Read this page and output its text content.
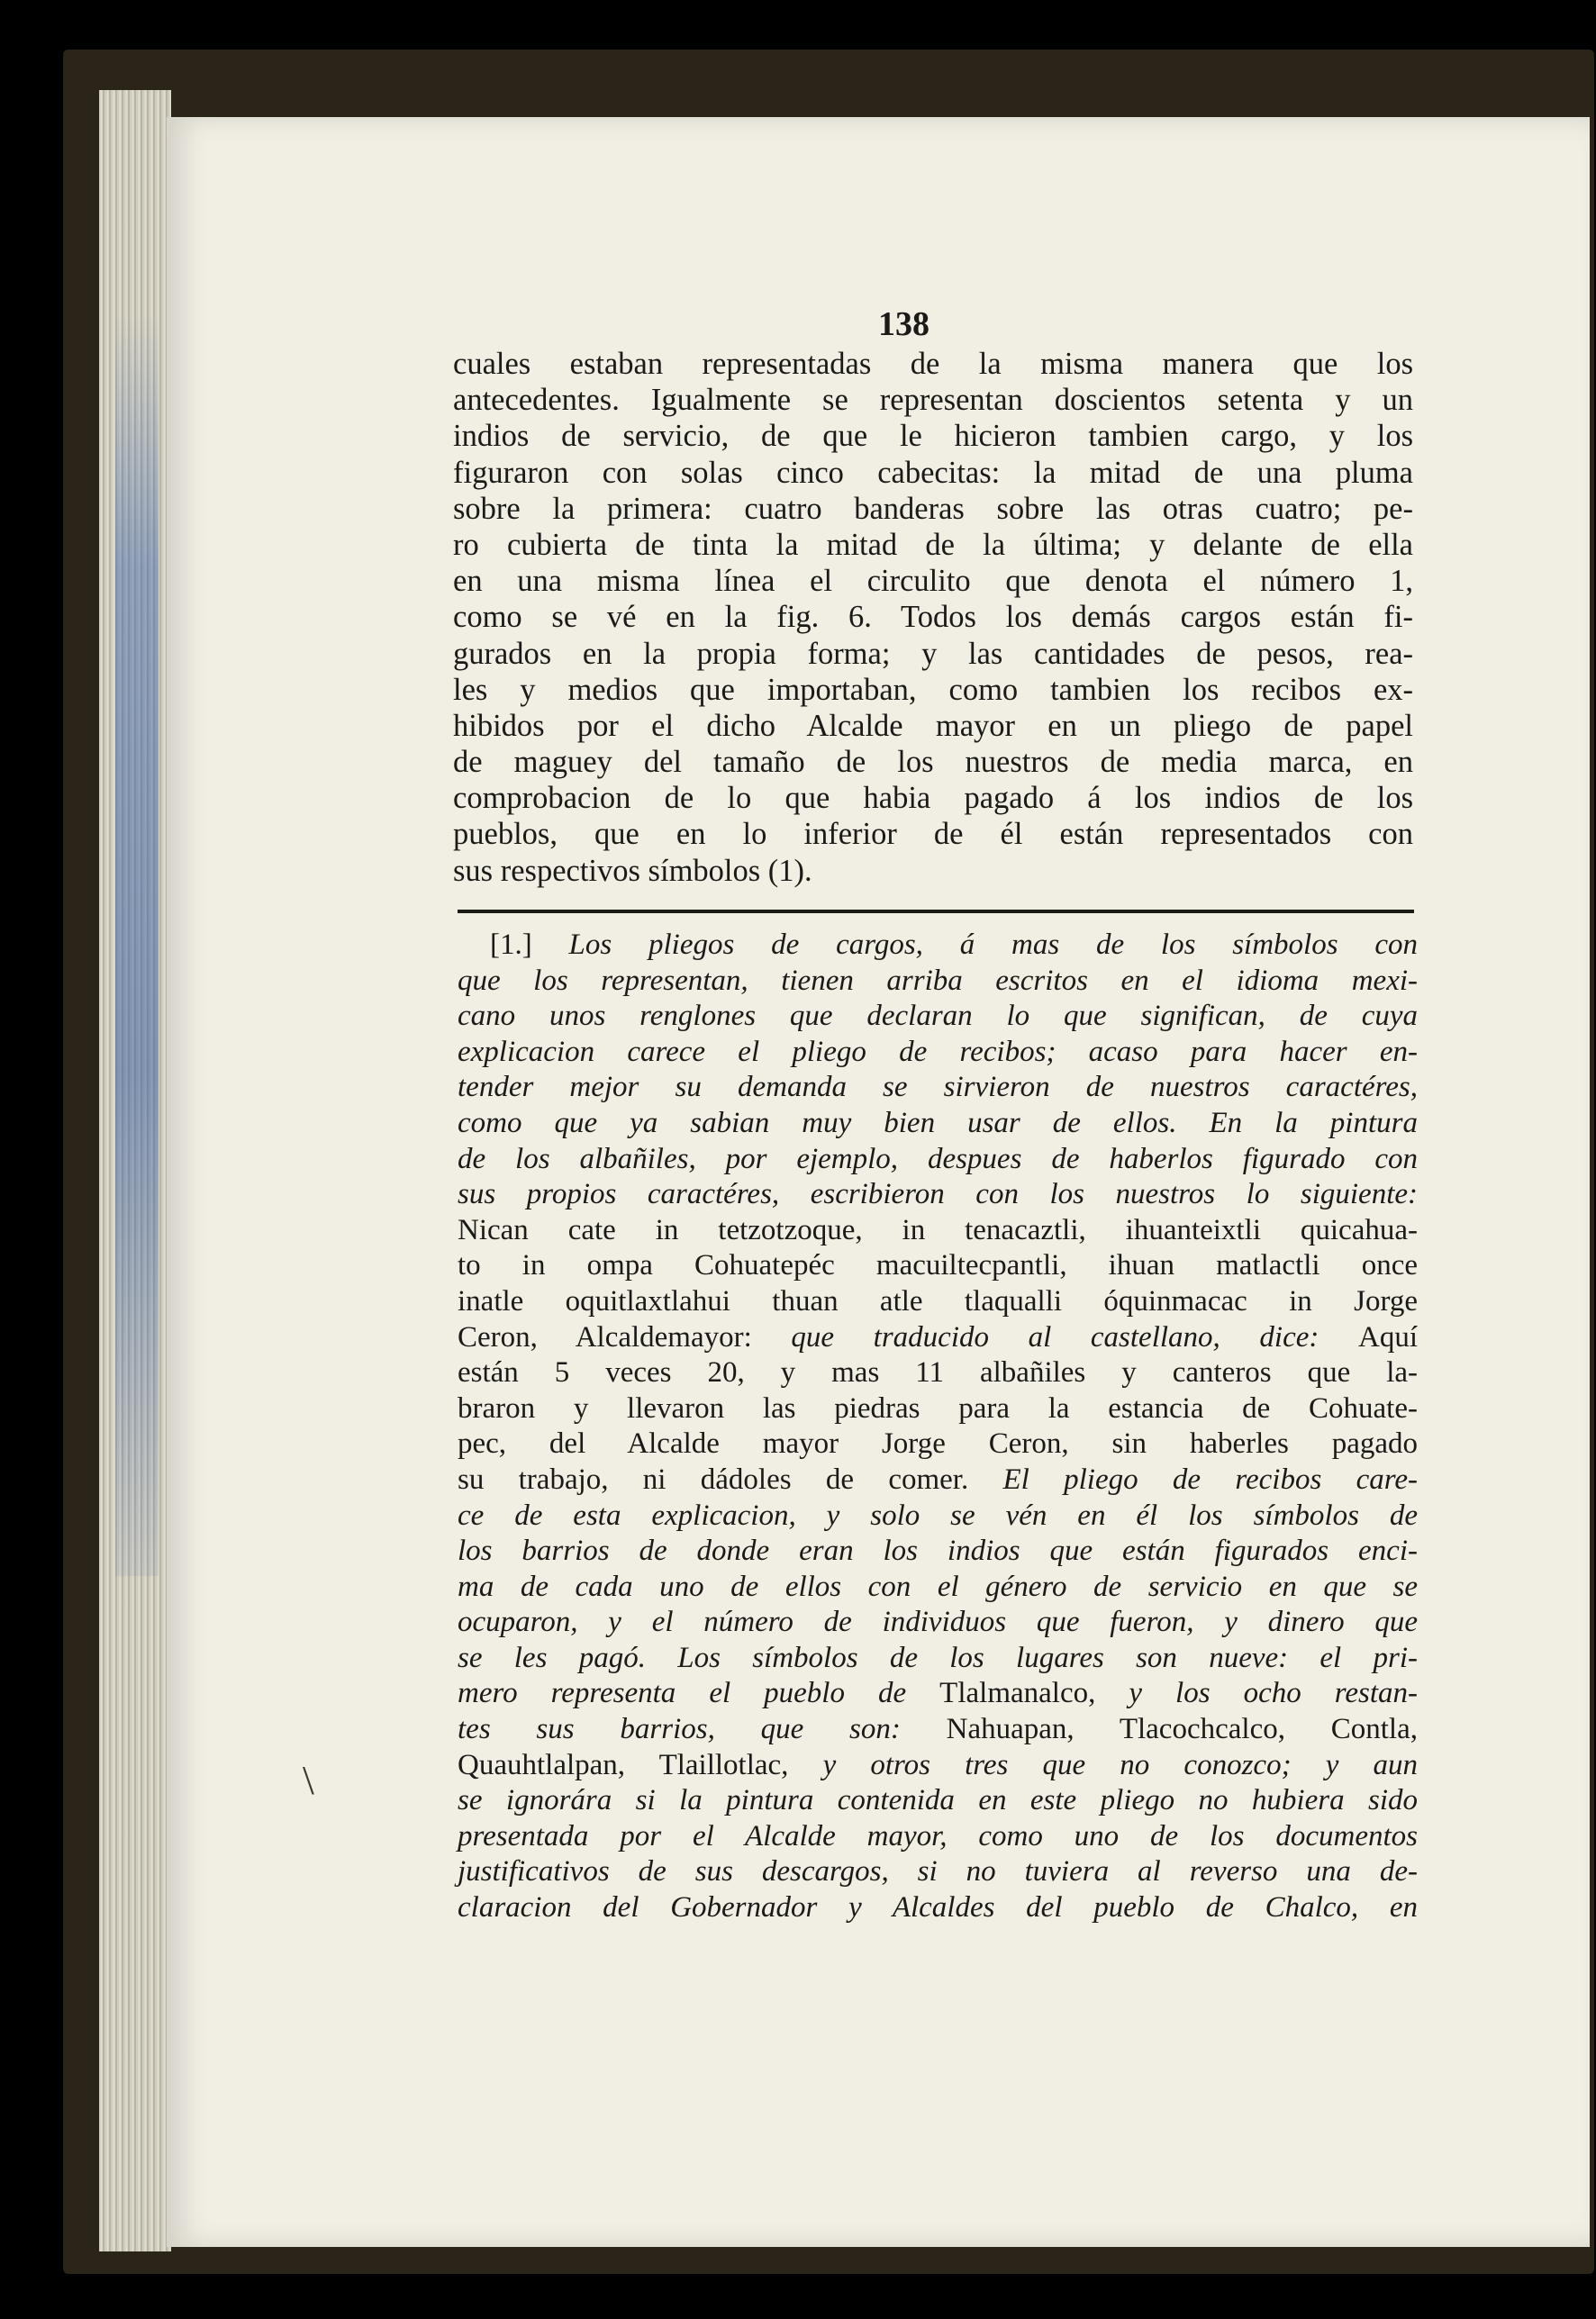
138
cuales estaban representadas de la misma manera que los
antecedentes. Igualmente se representan doscientos setenta y un
indios de servicio, de que le hicieron tambien cargo, y los
figuraron con solas cinco cabecitas: la mitad de una pluma
sobre la primera: cuatro banderas sobre las otras cuatro; pe-
ro cubierta de tinta la mitad de la última; y delante de ella
en una misma línea el circulito que denota el número 1,
como se vé en la fig. 6. Todos los demás cargos están fi-
gurados en la propia forma; y las cantidades de pesos, rea-
les y medios que importaban, como tambien los recibos ex-
hibidos por el dicho Alcalde mayor en un pliego de papel
de maguey del tamaño de los nuestros de media marca, en
comprobacion de lo que habia pagado á los indios de los
pueblos, que en lo inferior de él están representados con
sus respectivos símbolos (1).
[1.] Los pliegos de cargos, á mas de los símbolos con
que los representan, tienen arriba escritos en el idioma mexi-
cano unos renglones que declaran lo que significan, de cuya
explicacion carece el pliego de recibos; acaso para hacer en-
tender mejor su demanda se sirvieron de nuestros caractéres,
como que ya sabian muy bien usar de ellos. En la pintura
de los albañiles, por ejemplo, despues de haberlos figurado con
sus propios caractéres, escribieron con los nuestros lo siguiente:
Nican cate in tetzotzoque, in tenacaztli, ihuanteixtli quicahua-
to in ompa Cohuatepéc macuiltecpantli, ihuan matlactli once
inatle oquitlaxtlahui thuan atle tlaqualli óquinmacac in Jorge
Ceron, Alcaldemayor: que traducido al castellano, dice: Aquí
están 5 veces 20, y mas 11 albañiles y canteros que la-
braron y llevaron las piedras para la estancia de Cohuate-
pec, del Alcalde mayor Jorge Ceron, sin haberles pagado
su trabajo, ni dádoles de comer. El pliego de recibos care-
ce de esta explicacion, y solo se vén en él los símbolos de
los barrios de donde eran los indios que están figurados enci-
ma de cada uno de ellos con el género de servicio en que se
ocuparon, y el número de individuos que fueron, y dinero que
se les pagó. Los símbolos de los lugares son nueve: el pri-
mero representa el pueblo de Tlalmanalco, y los ocho restan-
tes sus barrios, que son: Nahuapan, Tlacochcalco, Contla,
Quauhtlalpan, Tlaillotlac, y otros tres que no conozco; y aun
se ignorára si la pintura contenida en este pliego no hubiera sido
presentada por el Alcalde mayor, como uno de los documentos
justificativos de sus descargos, si no tuviera al reverso una de-
claracion del Gobernador y Alcaldes del pueblo de Chalco, en
\
